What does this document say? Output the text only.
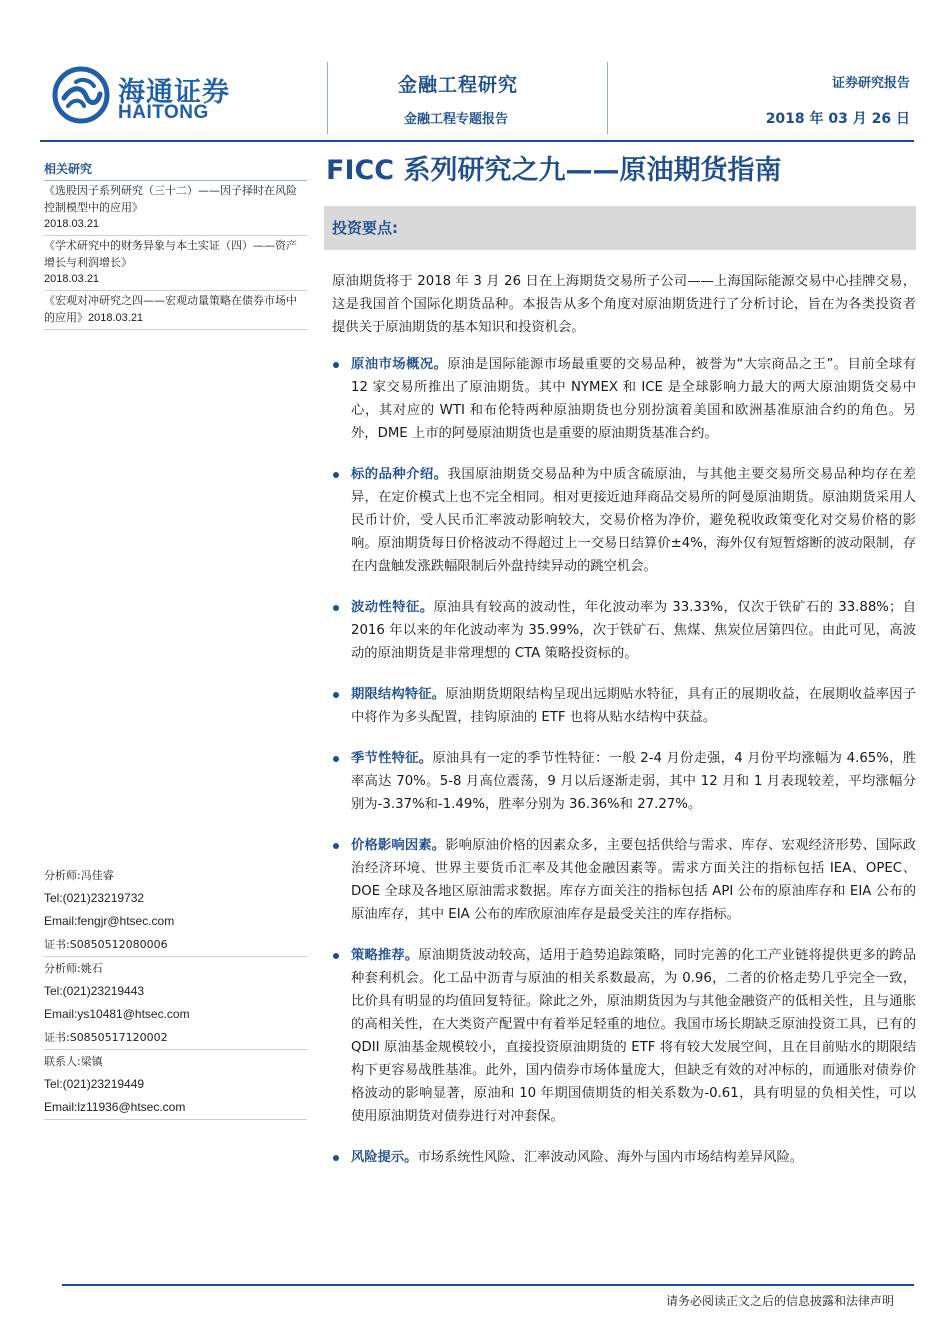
海通证券
HAITONG
金融工程研究
金融工程专题报告
证券研究报告
2018 年 03 月 26 日
相关研究
《选股因子系列研究（三十二）——因子择时在风险控制模型中的应用》
2018.03.21
《学术研究中的财务异象与本土实证（四）——资产增长与利润增长》
2018.03.21
《宏观对冲研究之四——宏观动量策略在债券市场中的应用》2018.03.21
分析师:冯佳睿
Tel:(021)23219732
Email:fengjr@htsec.com
证书:S0850512080006
分析师:姚石
Tel:(021)23219443
Email:ys10481@htsec.com
证书:S0850517120002
联系人:梁镇
Tel:(021)23219449
Email:lz11936@htsec.com
FICC 系列研究之九——原油期货指南
投资要点:
原油期货将于 2018 年 3 月 26 日在上海期货交易所子公司——上海国际能源交易中心挂牌交易，这是我国首个国际化期货品种。本报告从多个角度对原油期货进行了分析讨论，旨在为各类投资者提供关于原油期货的基本知识和投资机会。
原油市场概况。原油是国际能源市场最重要的交易品种，被誉为“大宗商品之王”。目前全球有 12 家交易所推出了原油期货。其中 NYMEX 和 ICE 是全球影响力最大的两大原油期货交易中心，其对应的 WTI 和布伦特两种原油期货也分别扮演着美国和欧洲基准原油合约的角色。另外，DME 上市的阿曼原油期货也是重要的原油期货基准合约。
标的品种介绍。我国原油期货交易品种为中质含硫原油，与其他主要交易所交易品种均存在差异，在定价模式上也不完全相同。相对更接近迪拜商品交易所的阿曼原油期货。原油期货采用人民币计价，受人民币汇率波动影响较大，交易价格为净价，避免税收政策变化对交易价格的影响。原油期货每日价格波动不得超过上一交易日结算价±4%，海外仅有短暂熔断的波动限制，存在内盘触发涨跌幅限制后外盘持续异动的跳空机会。
波动性特征。原油具有较高的波动性，年化波动率为 33.33%，仅次于铁矿石的 33.88%；自 2016 年以来的年化波动率为 35.99%，次于铁矿石、焦煤、焦炭位居第四位。由此可见，高波动的原油期货是非常理想的 CTA 策略投资标的。
期限结构特征。原油期货期限结构呈现出远期贴水特征，具有正的展期收益，在展期收益率因子中将作为多头配置，挂钩原油的 ETF 也将从贴水结构中获益。
季节性特征。原油具有一定的季节性特征：一般 2-4 月份走强，4 月份平均涨幅为 4.65%，胜率高达 70%。5-8 月高位震荡，9 月以后逐渐走弱，其中 12 月和 1 月表现较差，平均涨幅分别为-3.37%和-1.49%，胜率分别为 36.36%和 27.27%。
价格影响因素。影响原油价格的因素众多，主要包括供给与需求、库存、宏观经济形势、国际政治经济环境、世界主要货币汇率及其他金融因素等。需求方面关注的指标包括 IEA、OPEC、DOE 全球及各地区原油需求数据。库存方面关注的指标包括 API 公布的原油库存和 EIA 公布的原油库存，其中 EIA 公布的库欣原油库存是最受关注的库存指标。
策略推荐。原油期货波动较高，适用于趋势追踪策略，同时完善的化工产业链将提供更多的跨品种套利机会。化工品中沥青与原油的相关系数最高，为 0.96，二者的价格走势几乎完全一致，比价具有明显的均值回复特征。除此之外，原油期货因为与其他金融资产的低相关性，且与通胀的高相关性，在大类资产配置中有着举足轻重的地位。我国市场长期缺乏原油投资工具，已有的 QDII 原油基金规模较小，直接投资原油期货的 ETF 将有较大发展空间，且在目前贴水的期限结构下更容易战胜基准。此外，国内债券市场体量庞大，但缺乏有效的对冲标的，而通胀对债券价格波动的影响显著，原油和 10 年期国债期货的相关系数为-0.61，具有明显的负相关性，可以使用原油期货对债券进行对冲套保。
风险提示。市场系统性风险、汇率波动风险、海外与国内市场结构差异风险。
请务必阅读正文之后的信息披露和法律声明
